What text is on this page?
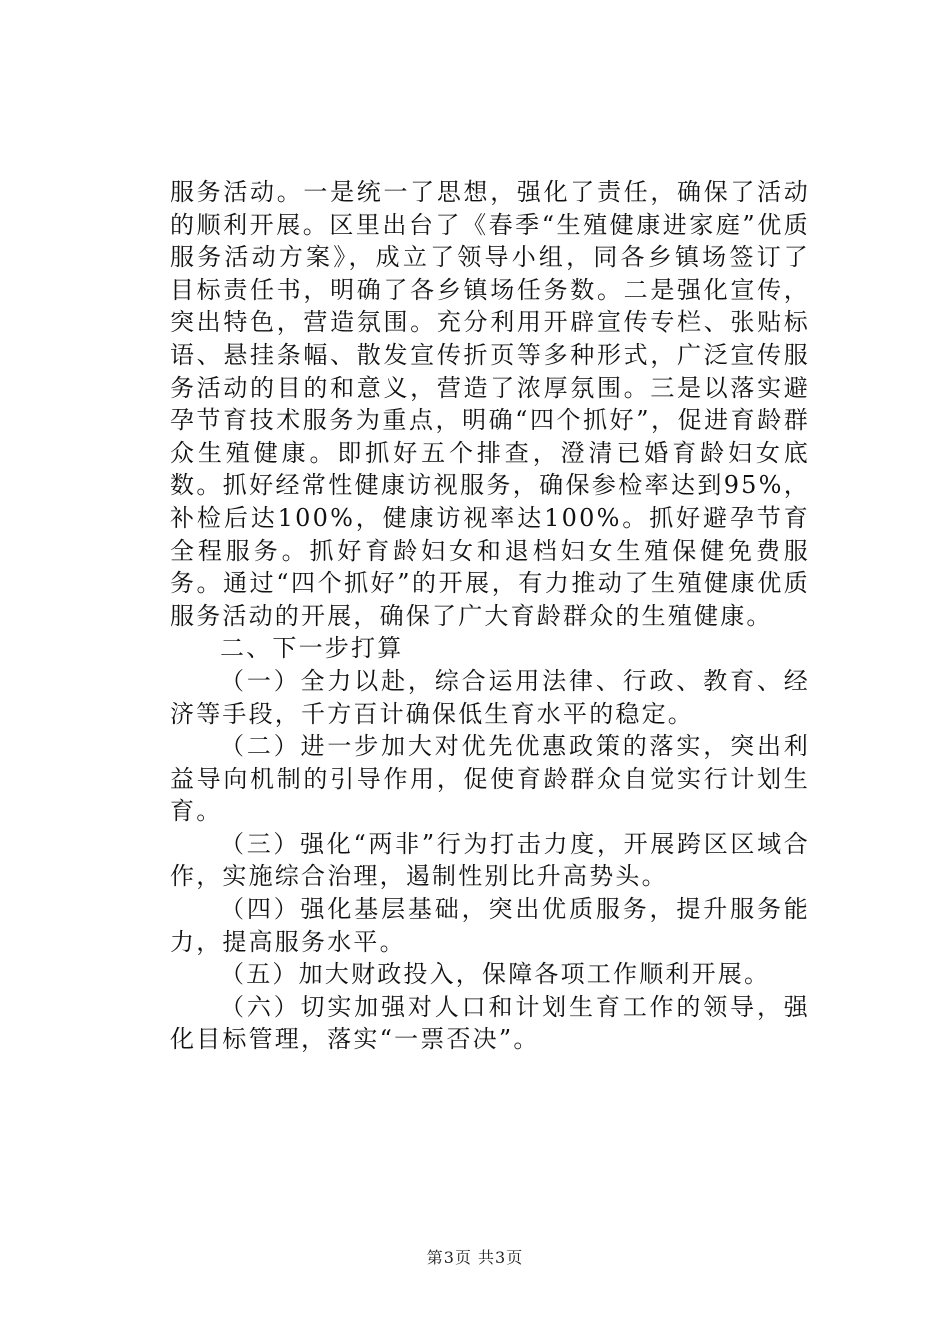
服务活动。一是统一了思想，强化了责任，确保了活动的顺利开展。区里出台了《春季“生殖健康进家庭”优质服务活动方案》，成立了领导小组，同各乡镇场签订了目标责任书，明确了各乡镇场任务数。二是强化宣传，突出特色，营造氛围。充分利用开辟宣传专栏、张贴标语、悬挂条幅、散发宣传折页等多种形式，广泛宣传服务活动的目的和意义，营造了浓厚氛围。三是以落实避孕节育技术服务为重点，明确“四个抓好”，促进育龄群众生殖健康。即抓好五个排查，澄清已婚育龄妇女底数。抓好经常性健康访视服务，确保参检率达到95%，补检后达100%，健康访视率达100%。抓好避孕节育全程服务。抓好育龄妇女和退档妇女生殖保健免费服务。通过“四个抓好”的开展，有力推动了生殖健康优质服务活动的开展，确保了广大育龄群众的生殖健康。

二、下一步打算

（一）全力以赴，综合运用法律、行政、教育、经济等手段，千方百计确保低生育水平的稳定。

（二）进一步加大对优先优惠政策的落实，突出利益导向机制的引导作用，促使育龄群众自觉实行计划生育。

（三）强化“两非”行为打击力度，开展跨区区域合作，实施综合治理，遏制性别比升高势头。

（四）强化基层基础，突出优质服务，提升服务能力，提高服务水平。

（五）加大财政投入，保障各项工作顺利开展。

（六）切实加强对人口和计划生育工作的领导，强化目标管理，落实“一票否决”。

第3页 共3页
